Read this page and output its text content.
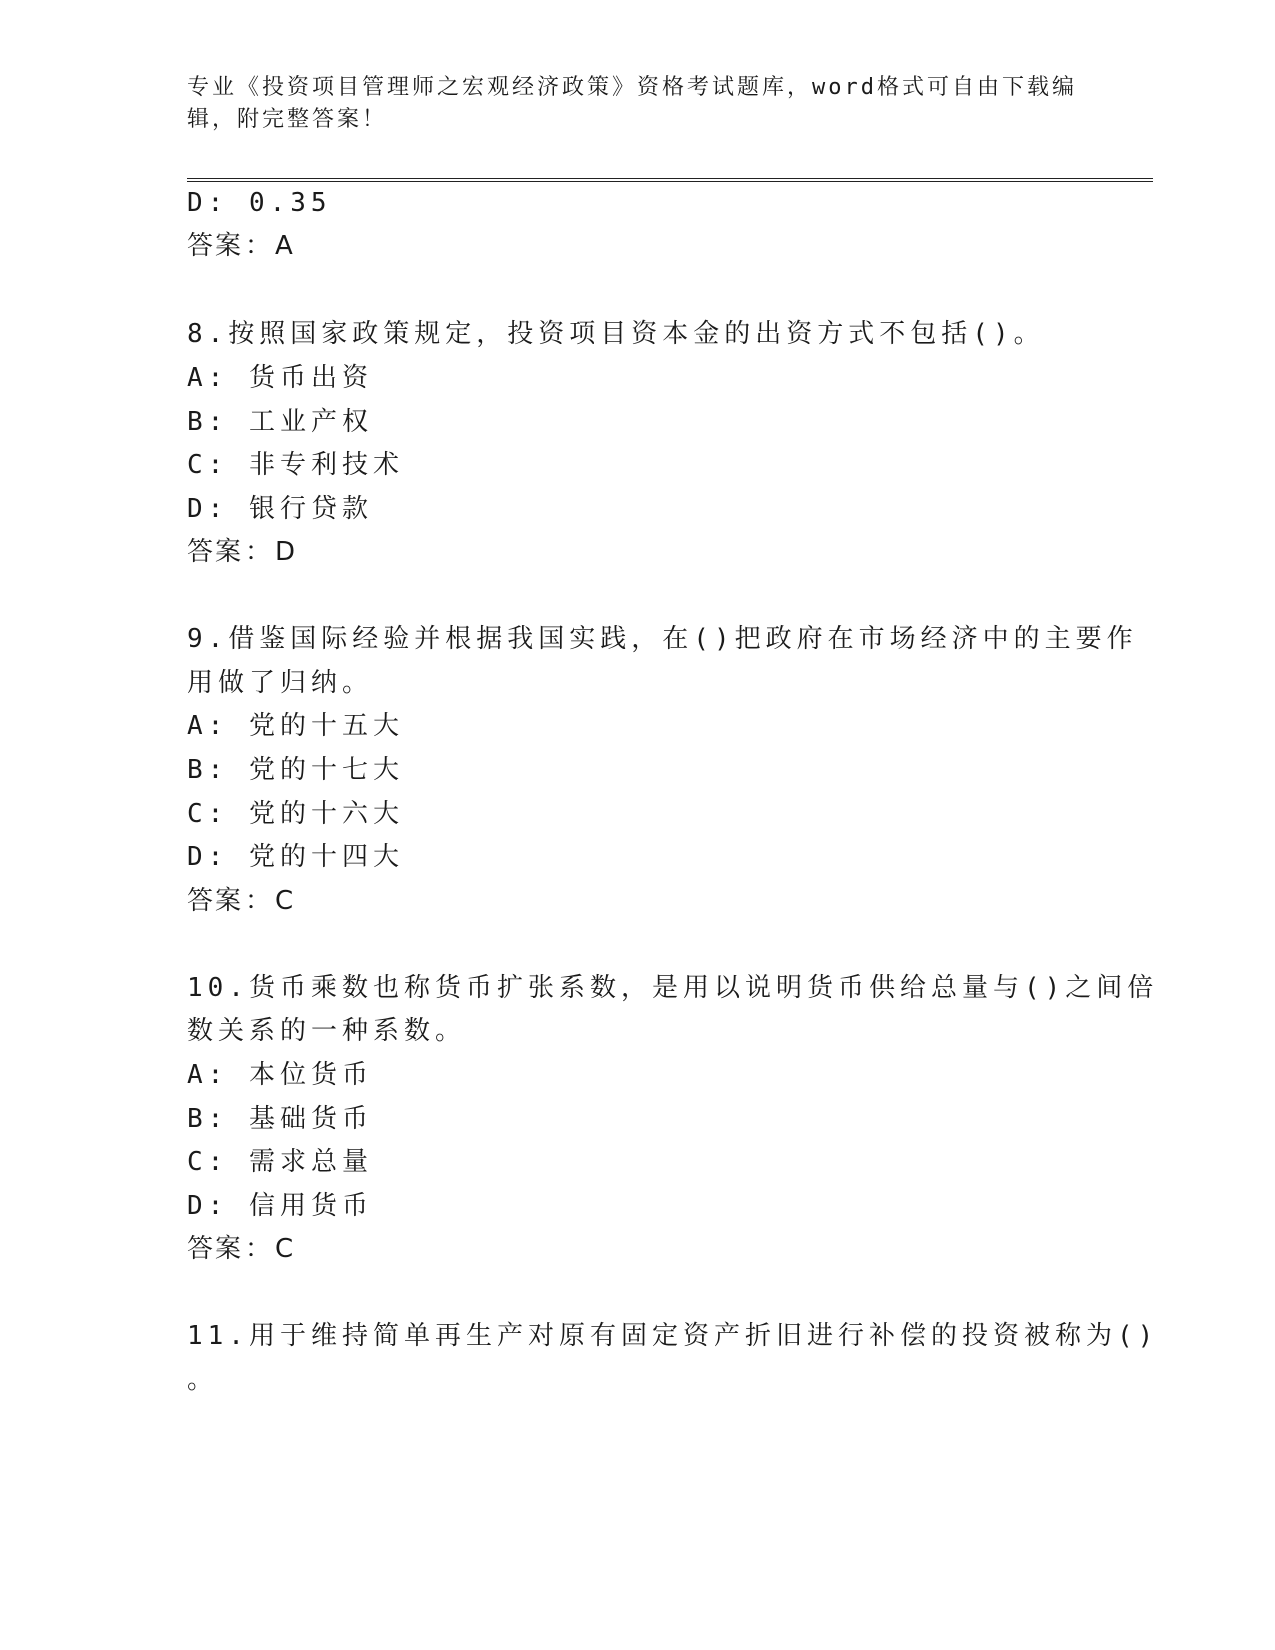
专业《投资项目管理师之宏观经济政策》资格考试题库，word格式可自由下载编
辑，附完整答案！
D: 0.35
答案：A
8.按照国家政策规定，投资项目资本金的出资方式不包括()。
A: 货币出资
B: 工业产权
C: 非专利技术
D: 银行贷款
答案：D
9.借鉴国际经验并根据我国实践，在()把政府在市场经济中的主要作
用做了归纳。
A: 党的十五大
B: 党的十七大
C: 党的十六大
D: 党的十四大
答案：C
10.货币乘数也称货币扩张系数，是用以说明货币供给总量与()之间倍
数关系的一种系数。
A: 本位货币
B: 基础货币
C: 需求总量
D: 信用货币
答案：C
11.用于维持简单再生产对原有固定资产折旧进行补偿的投资被称为()
。
